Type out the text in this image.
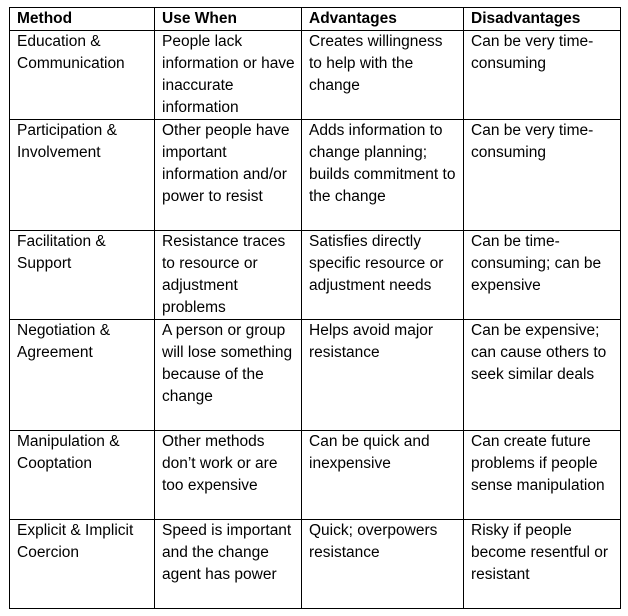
Method	Use When	Advantages	Disadvantages
Education & Communication	People lack information or have inaccurate information	Creates willingness to help with the change	Can be very time-consuming
Participation & Involvement	Other people have important information and/or power to resist	Adds information to change planning; builds commitment to the change	Can be very time-consuming
Facilitation & Support	Resistance traces to resource or adjustment problems	Satisfies directly specific resource or adjustment needs	Can be time-consuming; can be expensive
Negotiation & Agreement	A person or group will lose something because of the change	Helps avoid major resistance	Can be expensive; can cause others to seek similar deals
Manipulation & Cooptation	Other methods don’t work or are too expensive	Can be quick and inexpensive	Can create future problems if people sense manipulation
Explicit & Implicit Coercion	Speed is important and the change agent has power	Quick; overpowers resistance	Risky if people become resentful or resistant
